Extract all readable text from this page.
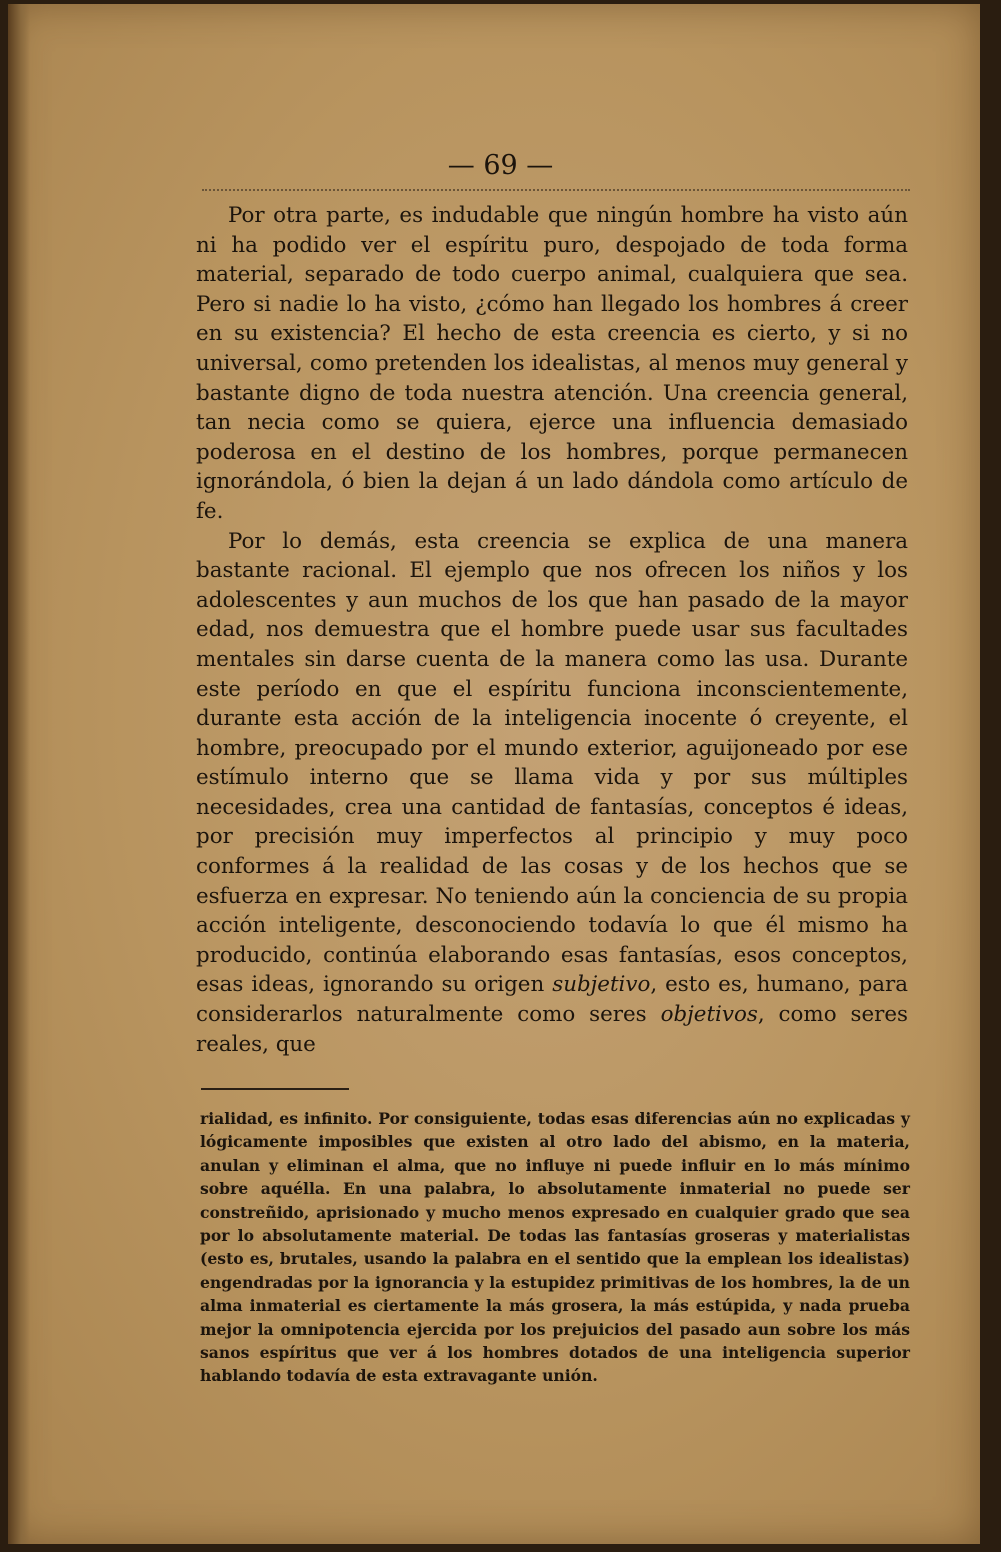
— 69 —

Por otra parte, es indudable que ningún hombre ha visto aún ni ha podido ver el espíritu puro, despojado de toda forma material, separado de todo cuerpo animal, cualquiera que sea. Pero si nadie lo ha visto, ¿cómo han llegado los hombres á creer en su existencia? El hecho de esta creencia es cierto, y si no universal, como pretenden los idealistas, al menos muy general y bastante digno de toda nuestra atención. Una creencia general, tan necia como se quiera, ejerce una influencia demasiado poderosa en el destino de los hombres, porque permanecen ignorándola, ó bien la dejan á un lado dándola como artículo de fe.

Por lo demás, esta creencia se explica de una manera bastante racional. El ejemplo que nos ofrecen los niños y los adolescentes y aun muchos de los que han pasado de la mayor edad, nos demuestra que el hombre puede usar sus facultades mentales sin darse cuenta de la manera como las usa. Durante este período en que el espíritu funciona inconscientemente, durante esta acción de la inteligencia inocente ó creyente, el hombre, preocupado por el mundo exterior, aguijoneado por ese estímulo interno que se llama vida y por sus múltiples necesidades, crea una cantidad de fantasías, conceptos é ideas, por precisión muy imperfectos al principio y muy poco conformes á la realidad de las cosas y de los hechos que se esfuerza en expresar. No teniendo aún la conciencia de su propia acción inteligente, desconociendo todavía lo que él mismo ha producido, continúa elaborando esas fantasías, esos conceptos, esas ideas, ignorando su origen subjetivo, esto es, humano, para considerarlos naturalmente como seres objetivos, como seres reales, que

rialidad, es infinito. Por consiguiente, todas esas diferencias aún no explicadas y lógicamente imposibles que existen al otro lado del abismo, en la materia, anulan y eliminan el alma, que no influye ni puede influir en lo más mínimo sobre aquélla. En una palabra, lo absolutamente inmaterial no puede ser constreñido, aprisionado y mucho menos expresado en cualquier grado que sea por lo absolutamente material. De todas las fantasías groseras y materialistas (esto es, brutales, usando la palabra en el sentido que la emplean los idealistas) engendradas por la ignorancia y la estupidez primitivas de los hombres, la de un alma inmaterial es ciertamente la más grosera, la más estúpida, y nada prueba mejor la omnipotencia ejercida por los prejuicios del pasado aun sobre los más sanos espíritus que ver á los hombres dotados de una inteligencia superior hablando todavía de esta extravagante unión.
